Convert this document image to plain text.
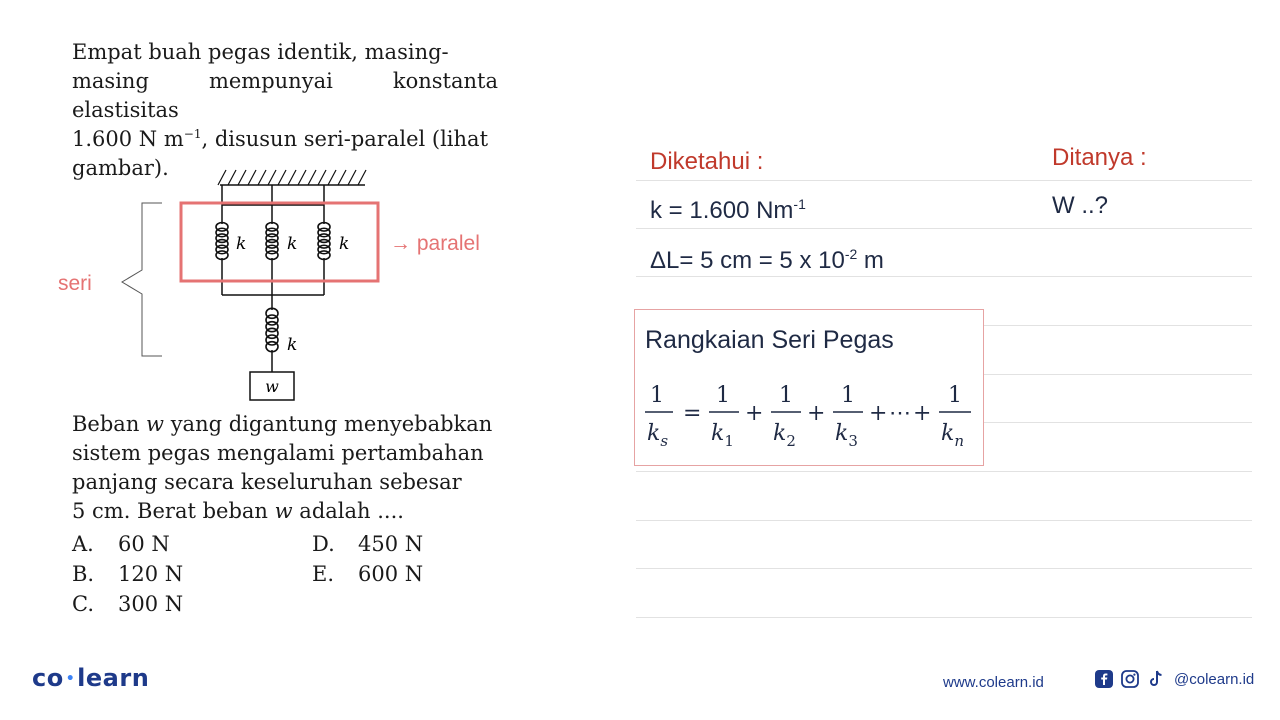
Empat buah pegas identik, masing-
masing mempunyai konstanta elastisitas
1.600 N $m^{-1}$, disusun seri-paralel (lihat
gambar).
w
k k k
k
seri
→ paralel
Beban w yang digantung menyebabkan
sistem pegas mengalami pertambahan
panjang secara keseluruhan sebesar
5 cm. Berat beban w adalah ....
A. 60 N
B. 120 N
C. 300 N
D. 450 N
E. 600 N
Diketahui :	Ditanya :
k = 1.600 $Nm^{-1}$	W ..?
ΔL= 5 cm = 5 x $10^{-2}$ m
Rangkaian Seri Pegas
1
$k_s$
=
1
$k_1$
+
1
$k_2$
+
1
$k_3$
+ ⋯ +
1
$k_n$
co •learn	www.colearn.id	@colearn.id
